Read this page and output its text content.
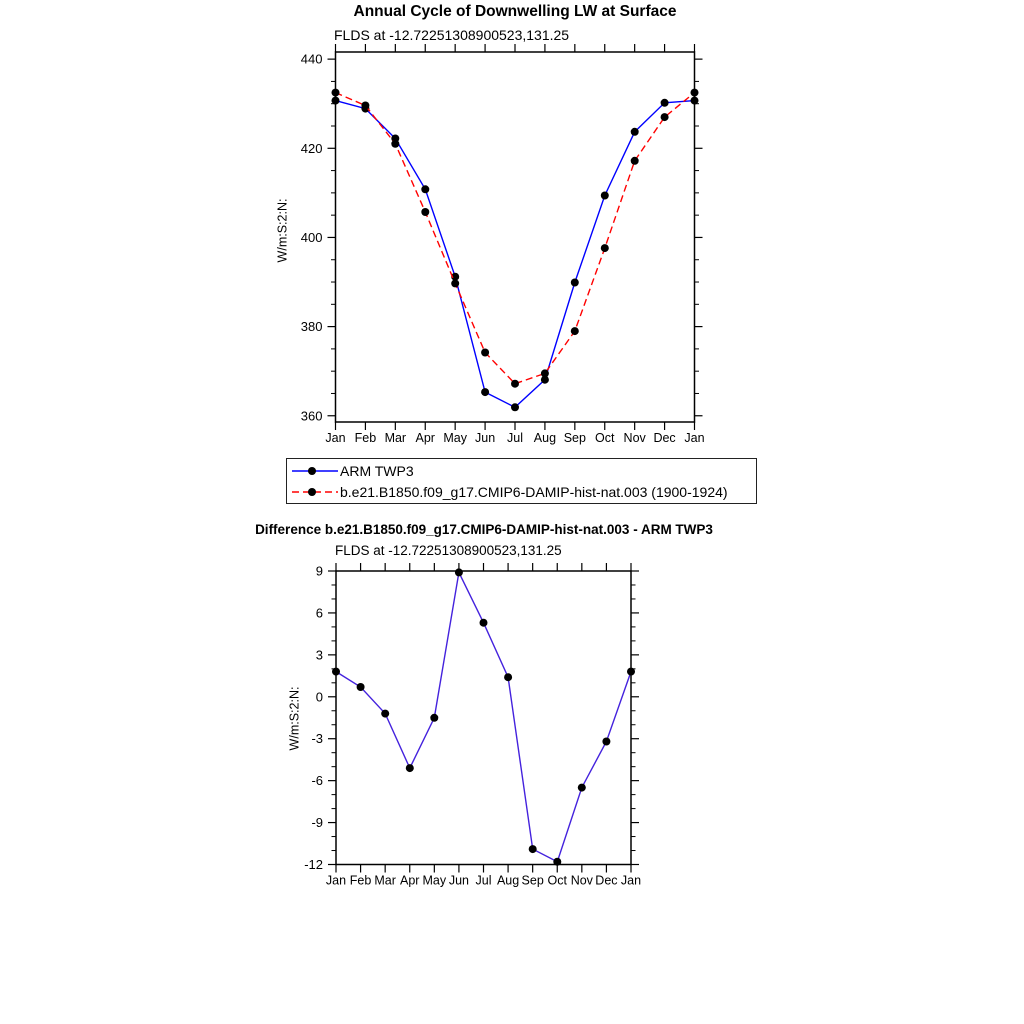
360
380
400
420
440
Jan Feb Mar Apr May Jun Jul Aug Sep Oct Nov Dec Jan
-12
-9
-6
-3
0
3
6
9
Jan Feb Mar Apr May Jun Jul Aug Sep Oct Nov Dec Jan
Annual Cycle of Downwelling LW at Surface
FLDS at -12.72251308900523,131.25
W/m:S:2:N:
ARM TWP3
b.e21.B1850.f09_g17.CMIP6-DAMIP-hist-nat.003 (1900-1924)
Difference b.e21.B1850.f09_g17.CMIP6-DAMIP-hist-nat.003 - ARM TWP3
FLDS at -12.72251308900523,131.25
W/m:S:2:N:
